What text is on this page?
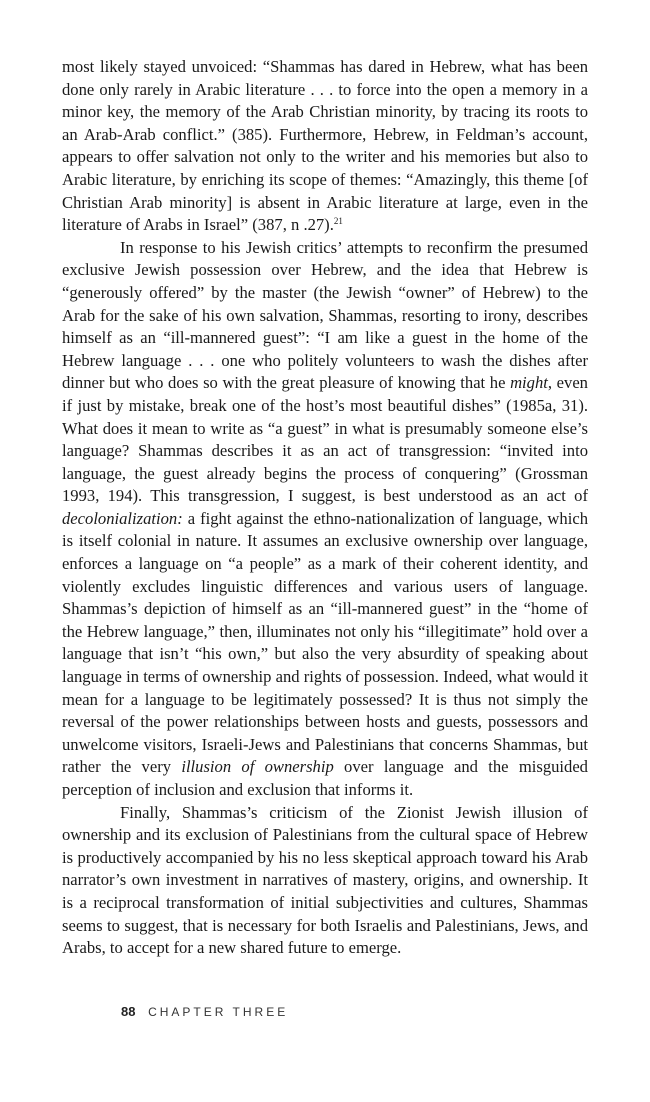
most likely stayed unvoiced: “Shammas has dared in Hebrew, what has been done only rarely in Arabic literature . . . to force into the open a memory in a minor key, the memory of the Arab Christian minority, by tracing its roots to an Arab-Arab conflict.” (385). Furthermore, Hebrew, in Feldman’s account, appears to offer salvation not only to the writer and his memories but also to Arabic literature, by enriching its scope of themes: “Amazingly, this theme [of Christian Arab minority] is absent in Arabic literature at large, even in the literature of Arabs in Israel” (387, n .27).$^{21}$

In response to his Jewish critics’ attempts to reconfirm the presumed exclusive Jewish possession over Hebrew, and the idea that Hebrew is “generously offered” by the master (the Jewish “owner” of Hebrew) to the Arab for the sake of his own salvation, Shammas, resorting to irony, describes himself as an “ill-mannered guest”: “I am like a guest in the home of the Hebrew language . . . one who politely volunteers to wash the dishes after dinner but who does so with the great pleasure of knowing that he might, even if just by mistake, break one of the host’s most beautiful dishes” (1985a, 31). What does it mean to write as “a guest” in what is presumably someone else’s language? Shammas describes it as an act of transgression: “invited into language, the guest already begins the process of conquering” (Grossman 1993, 194). This transgression, I suggest, is best understood as an act of decolonialization: a fight against the ethno-nationalization of language, which is itself colonial in nature. It assumes an exclusive ownership over language, enforces a language on “a people” as a mark of their coherent identity, and violently excludes linguistic differences and various users of language. Shammas’s depiction of himself as an “ill-mannered guest” in the “home of the Hebrew language,” then, illuminates not only his “illegitimate” hold over a language that isn’t “his own,” but also the very absurdity of speaking about language in terms of ownership and rights of possession. Indeed, what would it mean for a language to be legitimately possessed? It is thus not simply the reversal of the power relationships between hosts and guests, possessors and unwelcome visitors, Israeli-Jews and Palestinians that concerns Shammas, but rather the very illusion of ownership over language and the misguided perception of inclusion and exclusion that informs it.

Finally, Shammas’s criticism of the Zionist Jewish illusion of ownership and its exclusion of Palestinians from the cultural space of Hebrew is productively accompanied by his no less skeptical approach toward his Arab narrator’s own investment in narratives of mastery, origins, and ownership. It is a reciprocal transformation of initial subjectivities and cultures, Shammas seems to suggest, that is necessary for both Israelis and Palestinians, Jews, and Arabs, to accept for a new shared future to emerge.

88 CHAPTER THREE
